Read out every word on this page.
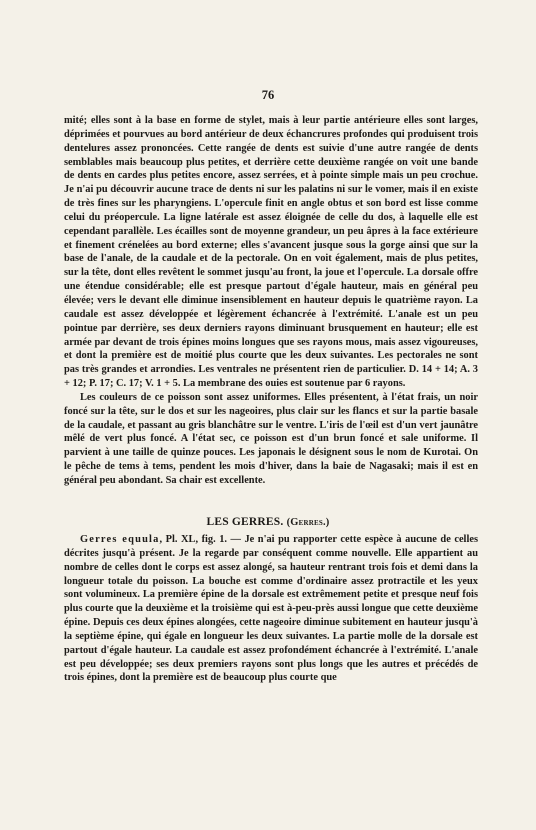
76

mité; elles sont à la base en forme de stylet, mais à leur partie antérieure elles sont larges, déprimées et pourvues au bord antérieur de deux échancrures profondes qui produisent trois dentelures assez prononcées. Cette rangée de dents est suivie d'une autre rangée de dents semblables mais beaucoup plus petites, et derrière cette deuxième rangée on voit une bande de dents en cardes plus petites encore, assez serrées, et à pointe simple mais un peu crochue. Je n'ai pu découvrir aucune trace de dents ni sur les palatins ni sur le vomer, mais il en existe de très fines sur les pharyngiens. L'opercule finit en angle obtus et son bord est lisse comme celui du préopercule. La ligne latérale est assez éloignée de celle du dos, à laquelle elle est cependant parallèle. Les écailles sont de moyenne grandeur, un peu âpres à la face extérieure et finement crénelées au bord externe; elles s'avancent jusque sous la gorge ainsi que sur la base de l'anale, de la caudale et de la pectorale. On en voit également, mais de plus petites, sur la tête, dont elles revêtent le sommet jusqu'au front, la joue et l'opercule. La dorsale offre une étendue considérable; elle est presque partout d'égale hauteur, mais en général peu élevée; vers le devant elle diminue insensiblement en hauteur depuis le quatrième rayon. La caudale est assez développée et légèrement échancrée à l'extrémité. L'anale est un peu pointue par derrière, ses deux derniers rayons diminuant brusquement en hauteur; elle est armée par devant de trois épines moins longues que ses rayons mous, mais assez vigoureuses, et dont la première est de moitié plus courte que les deux suivantes. Les pectorales ne sont pas très grandes et arrondies. Les ventrales ne présentent rien de particulier. D. 14 + 14; A. 3 + 12; P. 17; C. 17; V. 1 + 5. La membrane des ouies est soutenue par 6 rayons.

Les couleurs de ce poisson sont assez uniformes. Elles présentent, à l'état frais, un noir foncé sur la tête, sur le dos et sur les nageoires, plus clair sur les flancs et sur la partie basale de la caudale, et passant au gris blanchâtre sur le ventre. L'iris de l'œil est d'un vert jaunâtre mêlé de vert plus foncé. A l'état sec, ce poisson est d'un brun foncé et sale uniforme. Il parvient à une taille de quinze pouces. Les japonais le désignent sous le nom de Kurotai. On le pêche de tems à tems, pendent les mois d'hiver, dans la baie de Nagasaki; mais il est en général peu abondant. Sa chair est excellente.

LES GERRES. (Gerres.)

Gerres equula, Pl. XL, fig. 1. — Je n'ai pu rapporter cette espèce à aucune de celles décrites jusqu'à présent. Je la regarde par conséquent comme nouvelle. Elle appartient au nombre de celles dont le corps est assez alongé, sa hauteur rentrant trois fois et demi dans la longueur totale du poisson. La bouche est comme d'ordinaire assez protractile et les yeux sont volumineux. La première épine de la dorsale est extrêmement petite et presque neuf fois plus courte que la deuxième et la troisième qui est à-peu-près aussi longue que cette deuxième épine. Depuis ces deux épines alongées, cette nageoire diminue subitement en hauteur jusqu'à la septième épine, qui égale en longueur les deux suivantes. La partie molle de la dorsale est partout d'égale hauteur. La caudale est assez profondément échancrée à l'extrémité. L'anale est peu développée; ses deux premiers rayons sont plus longs que les autres et précédés de trois épines, dont la première est de beaucoup plus courte que
